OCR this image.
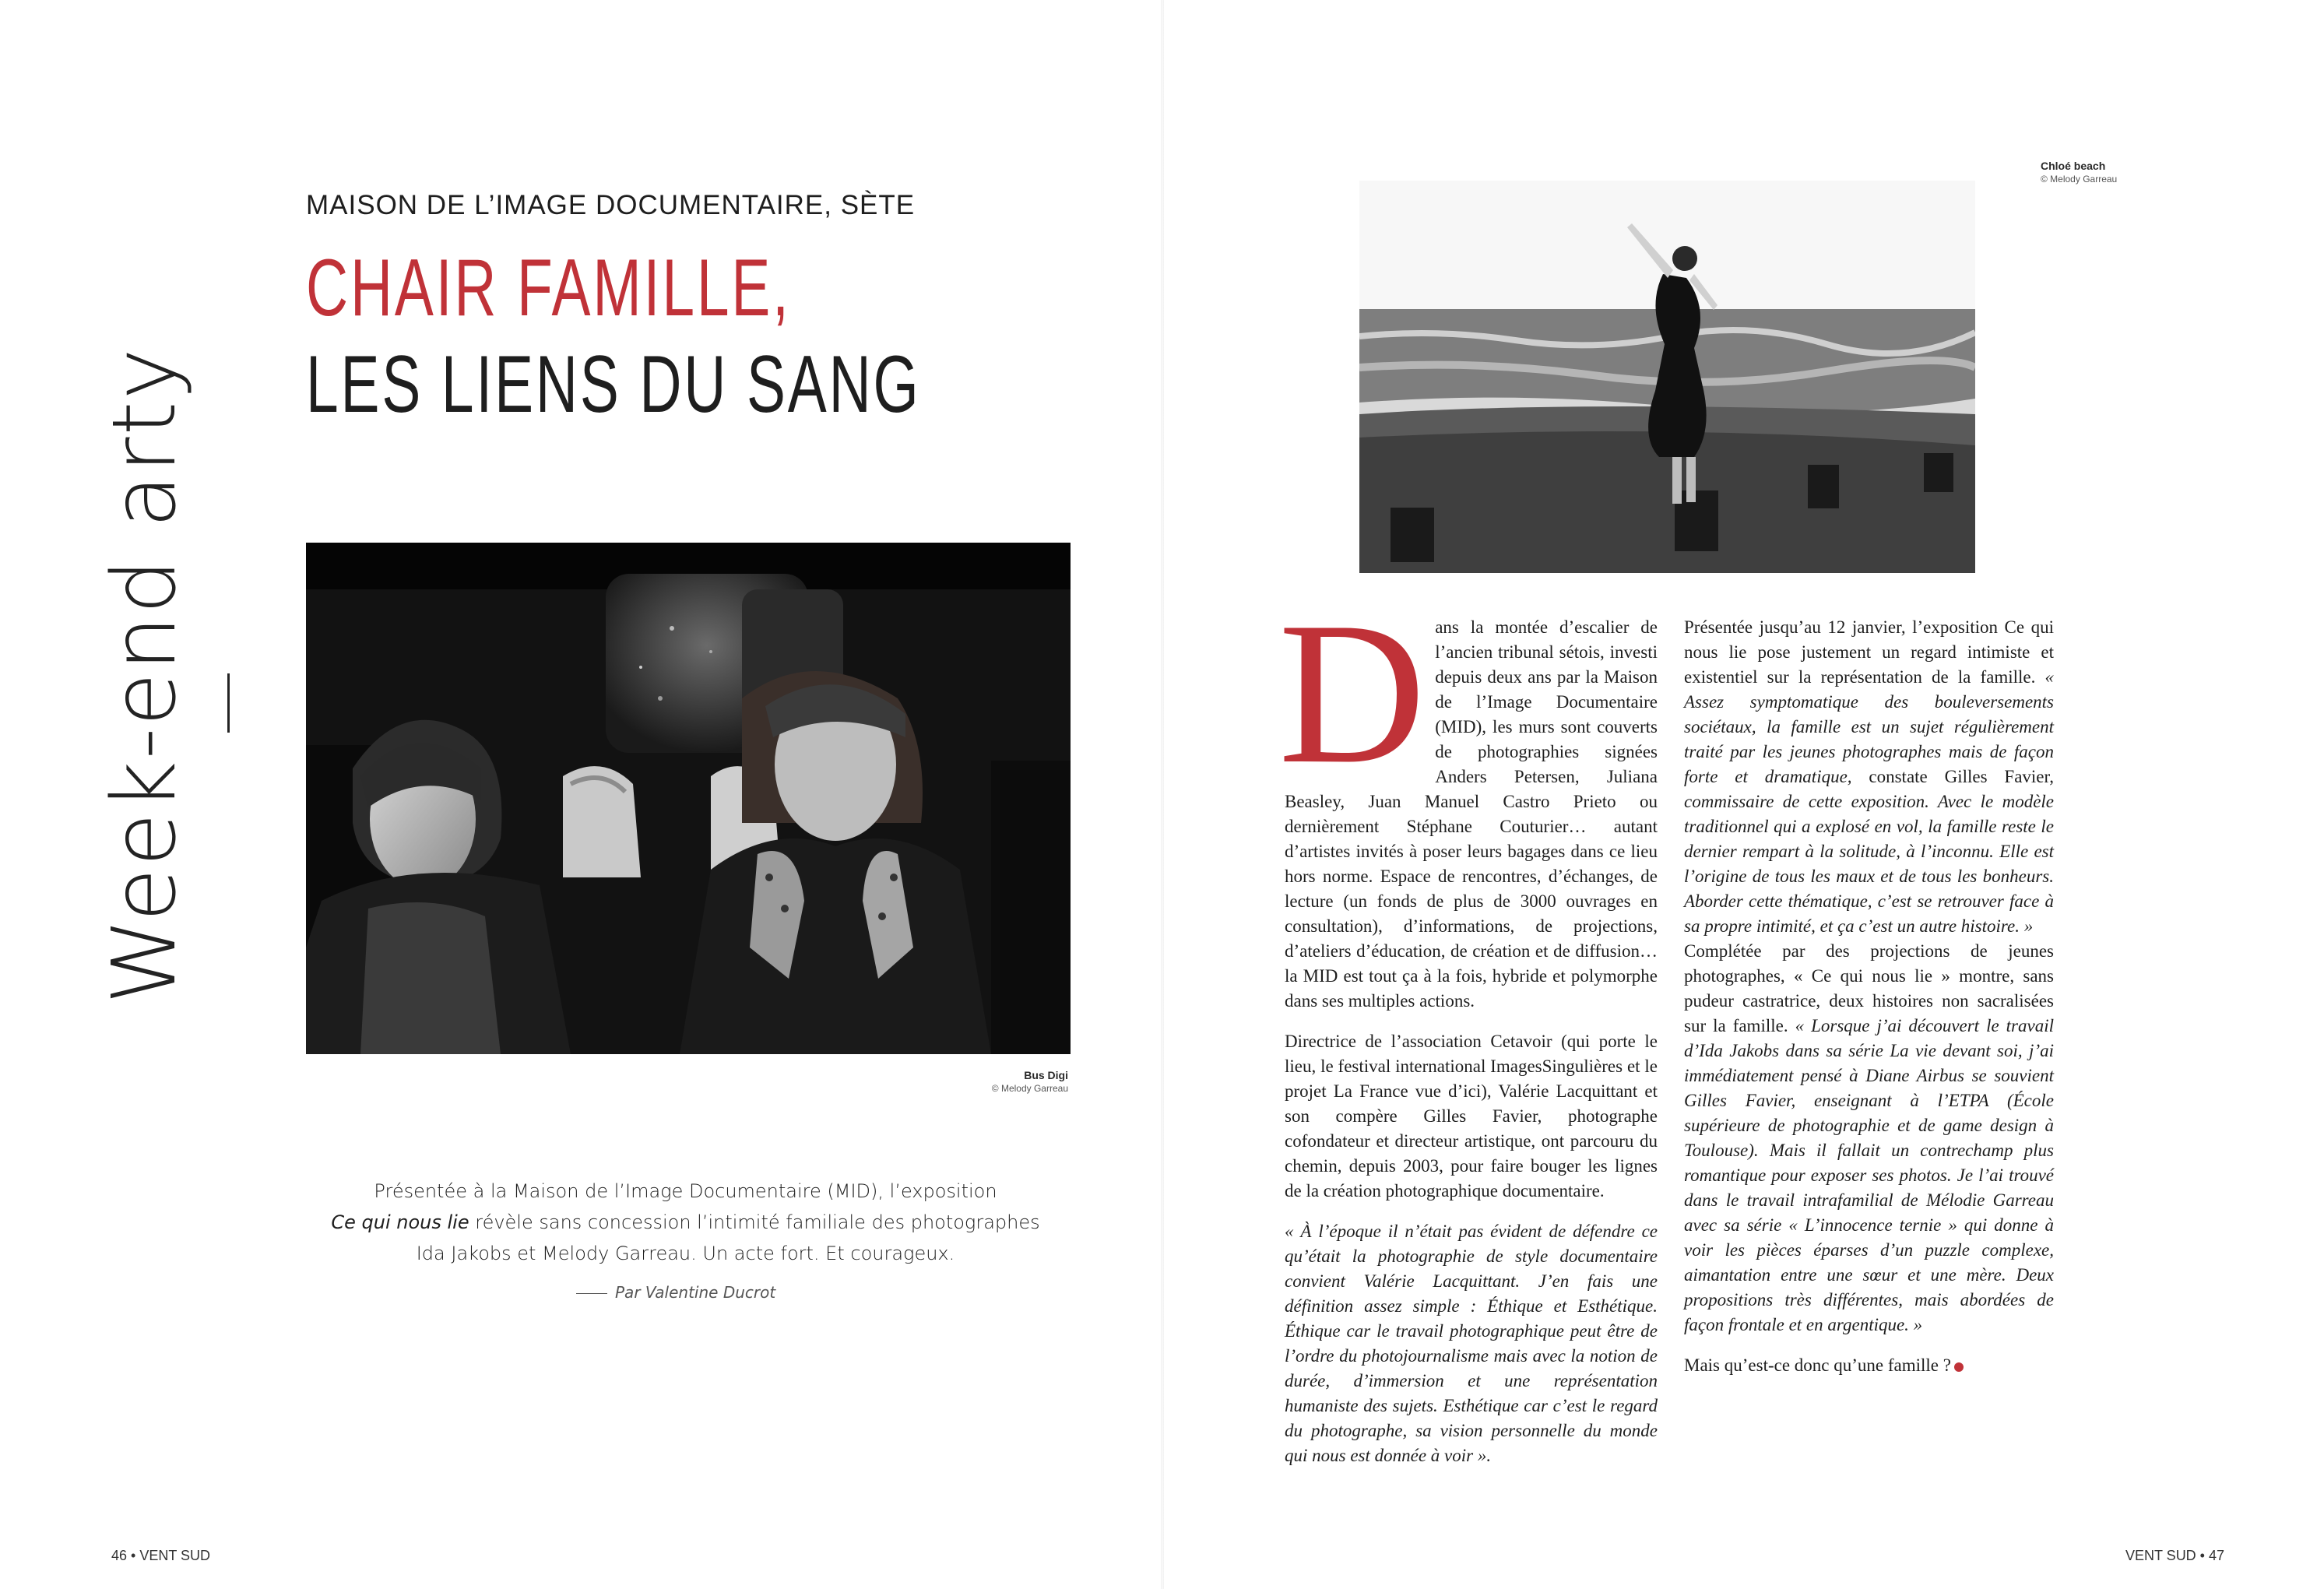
Week-end arty
MAISON DE L’IMAGE DOCUMENTAIRE, SÈTE
CHAIR FAMILLE,
LES LIENS DU SANG
Bus Digi
© Melody Garreau
Chloé beach
© Melody Garreau
Présentée à la Maison de l’Image Documentaire (MID), l’exposition
Ce qui nous lie révèle sans concession l’intimité familiale des photographes
Ida Jakobs et Melody Garreau. Un acte fort. Et courageux.
Par Valentine Ducrot

Dans la montée d’escalier de l’ancien tribunal sétois, investi depuis deux ans par la Maison de l’Image Documentaire (MID), les murs sont couverts de photographies signées Anders Petersen, Juliana Beasley, Juan Manuel Castro Prieto ou dernièrement Stéphane Couturier… autant d’artistes invités à poser leurs bagages dans ce lieu hors norme. Espace de rencontres, d’échanges, de lecture (un fonds de plus de 3000 ouvrages en consultation), d’informations, de projections, d’ateliers d’éducation, de création et de diffusion… la MID est tout ça à la fois, hybride et polymorphe dans ses multiples actions.

Directrice de l’association Cetavoir (qui porte le lieu, le festival international ImagesSingulières et le projet La France vue d’ici), Valérie Lacquittant et son compère Gilles Favier, photographe cofondateur et directeur artistique, ont parcouru du chemin, depuis 2003, pour faire bouger les lignes de la création photographique documentaire.

« À l’époque il n’était pas évident de défendre ce qu’était la photographie de style documentaire convient Valérie Lacquittant. J’en fais une définition assez simple : Éthique et Esthétique. Éthique car le travail photographique peut être de l’ordre du photojournalisme mais avec la notion de durée, d’immersion et une représentation humaniste des sujets. Esthétique car c’est le regard du photographe, sa vision personnelle du monde qui nous est donnée à voir ».

Présentée jusqu’au 12 janvier, l’exposition Ce qui nous lie pose justement un regard intimiste et existentiel sur la représentation de la famille. « Assez symptomatique des bouleversements sociétaux, la famille est un sujet régulièrement traité par les jeunes photographes mais de façon forte et dramatique, constate Gilles Favier, commissaire de cette exposition. Avec le modèle traditionnel qui a explosé en vol, la famille reste le dernier rempart à la solitude, à l’inconnu. Elle est l’origine de tous les maux et de tous les bonheurs. Aborder cette thématique, c’est se retrouver face à sa propre intimité, et ça c’est un autre histoire. »

Complétée par des projections de jeunes photographes, « Ce qui nous lie » montre, sans pudeur castratrice, deux histoires non sacralisées sur la famille. « Lorsque j’ai découvert le travail d’Ida Jakobs dans sa série La vie devant soi, j’ai immédiatement pensé à Diane Airbus se souvient Gilles Favier, enseignant à l’ETPA (École supérieure de photographie et de game design à Toulouse). Mais il fallait un contrechamp plus romantique pour exposer ses photos. Je l’ai trouvé dans le travail intrafamilial de Mélodie Garreau avec sa série « L’innocence ternie » qui donne à voir les pièces éparses d’un puzzle complexe, aimantation entre une sœur et une mère. Deux propositions très différentes, mais abordées de façon frontale et en argentique. »

Mais qu’est-ce donc qu’une famille ?

46 • VENT SUD	VENT SUD • 47
